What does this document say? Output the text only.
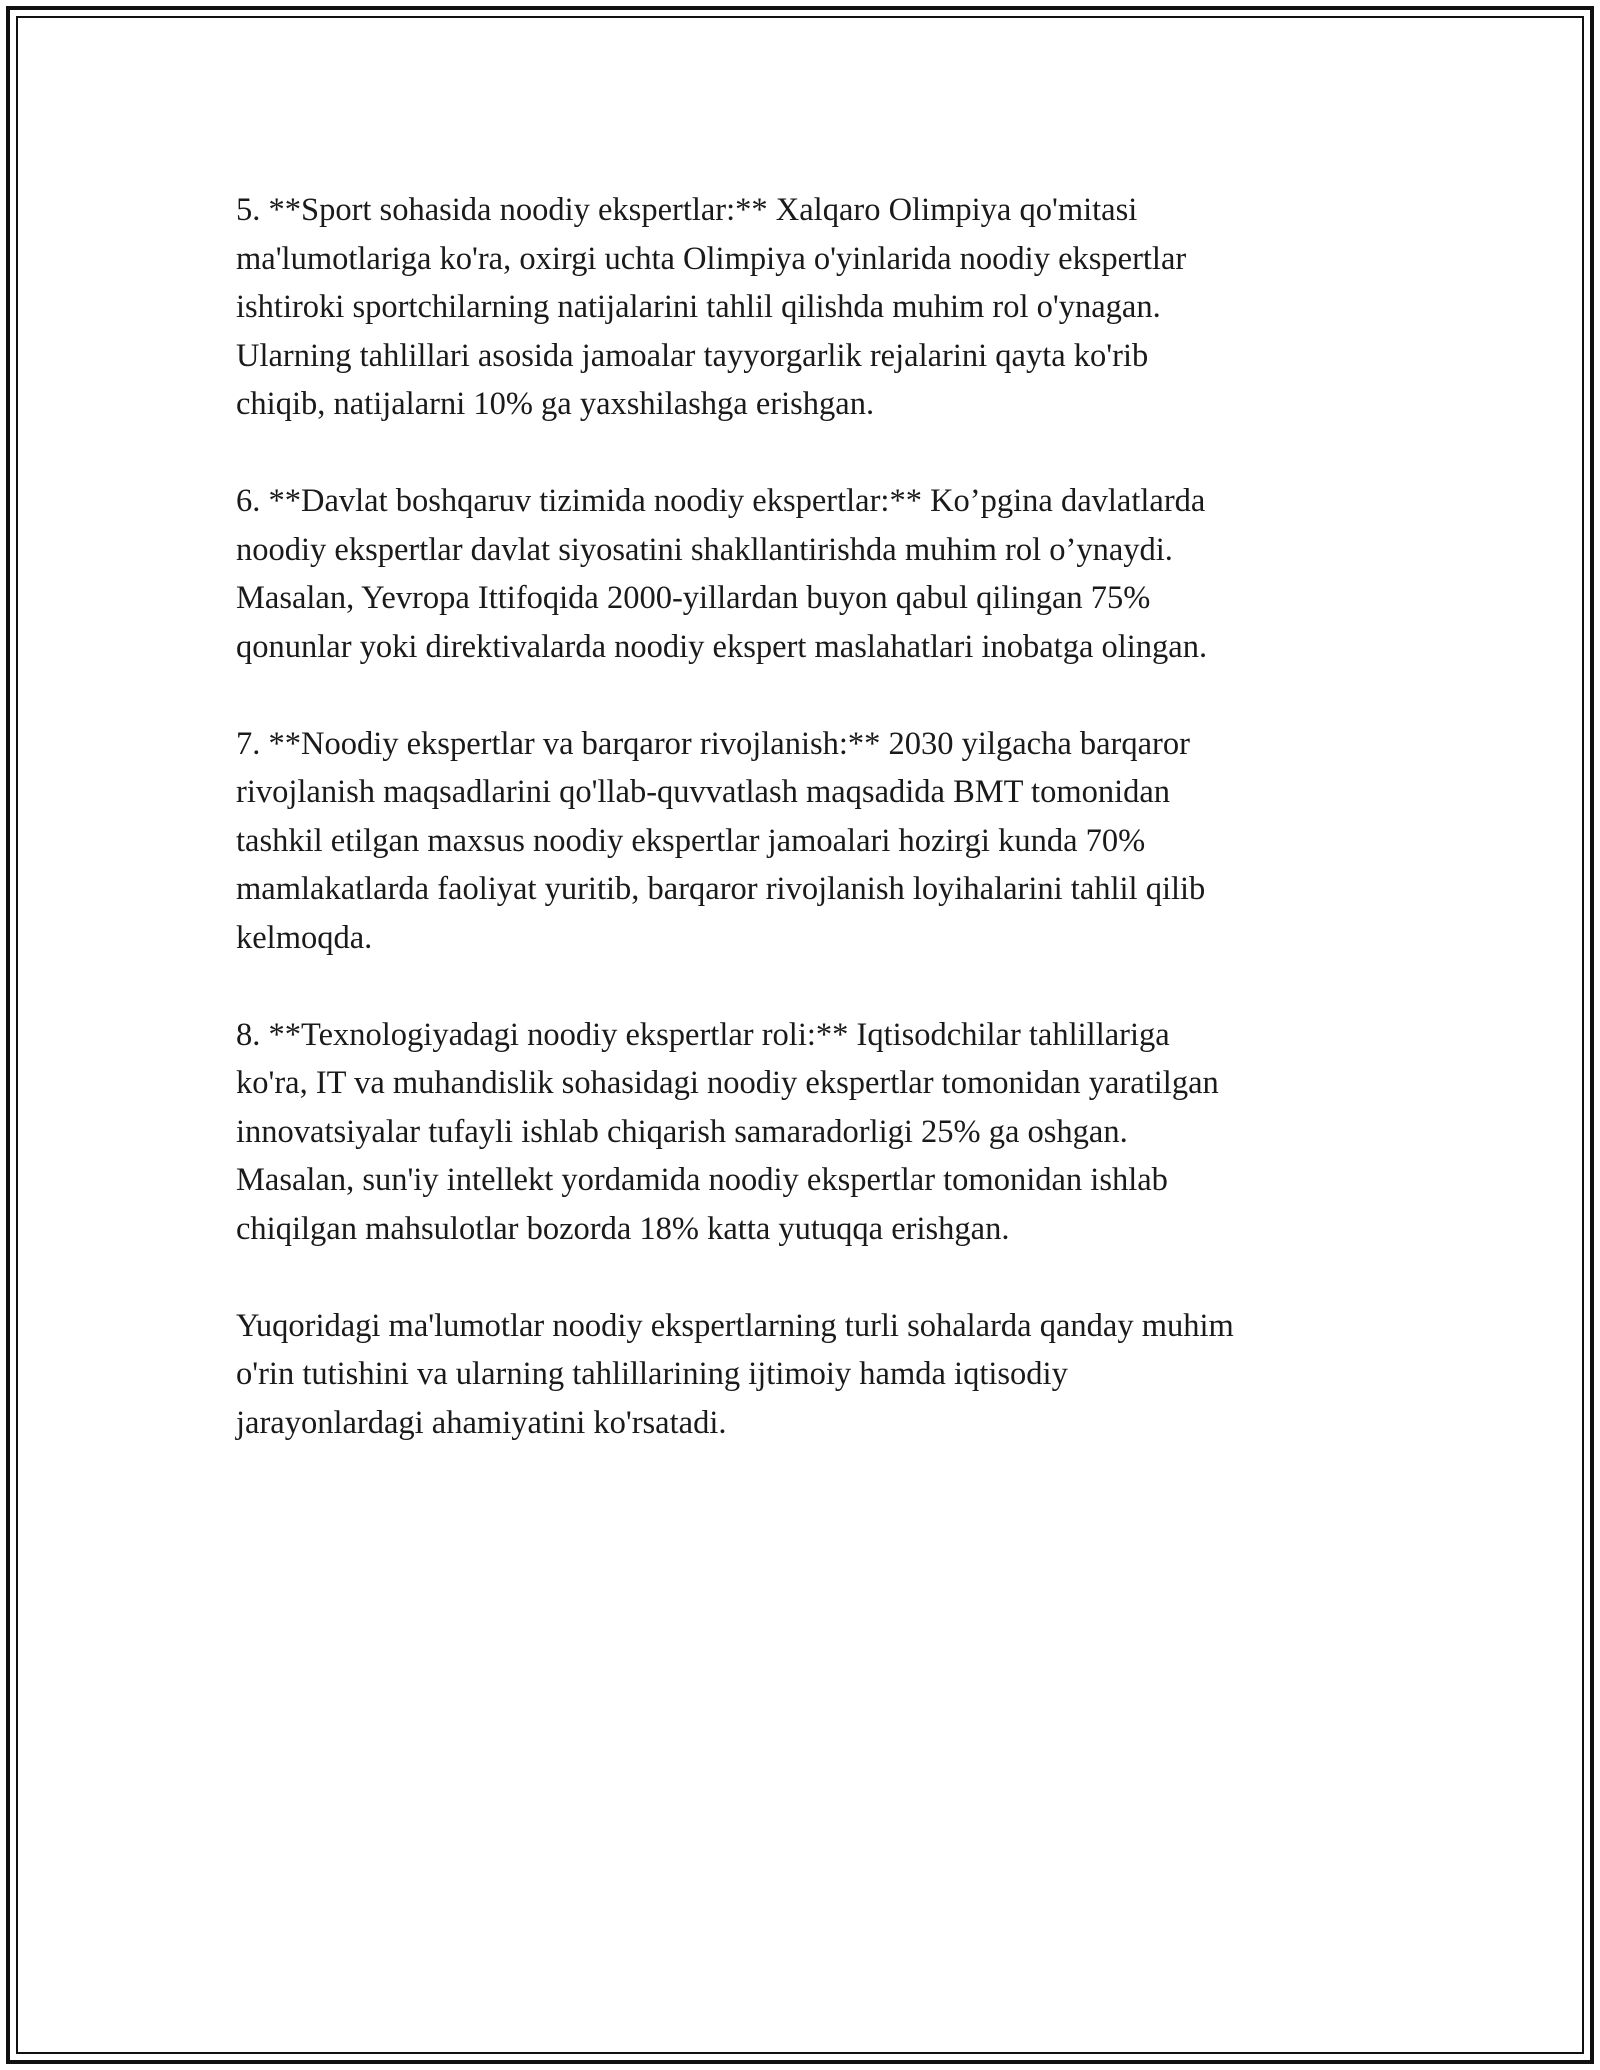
5. **Sport sohasida noodiy ekspertlar:** Xalqaro Olimpiya qo'mitasi
ma'lumotlariga ko'ra, oxirgi uchta Olimpiya o'yinlarida noodiy ekspertlar
ishtiroki sportchilarning natijalarini tahlil qilishda muhim rol o'ynagan.
Ularning tahlillari asosida jamoalar tayyorgarlik rejalarini qayta ko'rib
chiqib, natijalarni 10% ga yaxshilashga erishgan.

6. **Davlat boshqaruv tizimida noodiy ekspertlar:** Ko’pgina davlatlarda
noodiy ekspertlar davlat siyosatini shakllantirishda muhim rol o’ynaydi.
Masalan, Yevropa Ittifoqida 2000-yillardan buyon qabul qilingan 75%
qonunlar yoki direktivalarda noodiy ekspert maslahatlari inobatga olingan.

7. **Noodiy ekspertlar va barqaror rivojlanish:** 2030 yilgacha barqaror
rivojlanish maqsadlarini qo'llab-quvvatlash maqsadida BMT tomonidan
tashkil etilgan maxsus noodiy ekspertlar jamoalari hozirgi kunda 70%
mamlakatlarda faoliyat yuritib, barqaror rivojlanish loyihalarini tahlil qilib
kelmoqda.

8. **Texnologiyadagi noodiy ekspertlar roli:** Iqtisodchilar tahlillariga
ko'ra, IT va muhandislik sohasidagi noodiy ekspertlar tomonidan yaratilgan
innovatsiyalar tufayli ishlab chiqarish samaradorligi 25% ga oshgan.
Masalan, sun'iy intellekt yordamida noodiy ekspertlar tomonidan ishlab
chiqilgan mahsulotlar bozorda 18% katta yutuqqa erishgan.

Yuqoridagi ma'lumotlar noodiy ekspertlarning turli sohalarda qanday muhim
o'rin tutishini va ularning tahlillarining ijtimoiy hamda iqtisodiy
jarayonlardagi ahamiyatini ko'rsatadi.
